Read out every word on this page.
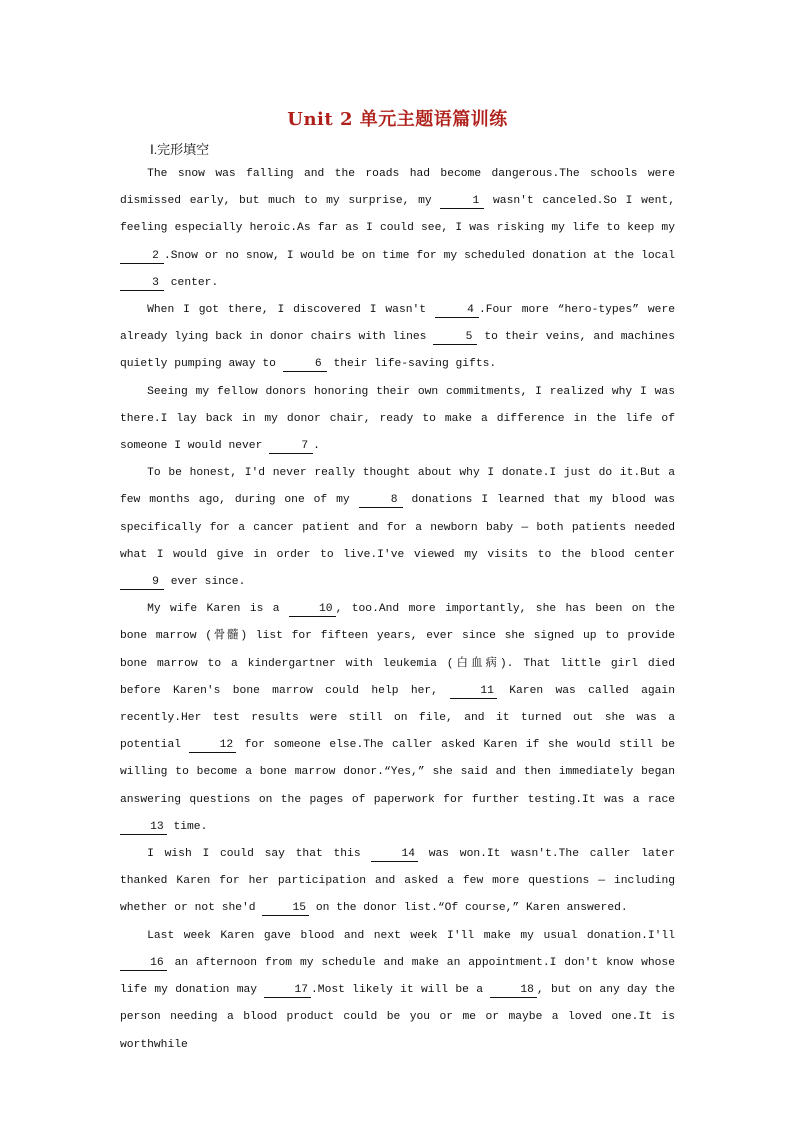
Unit 2 单元主题语篇训练
Ⅰ.完形填空

The snow was falling and the roads had become dangerous.The schools were dismissed early, but much to my surprise, my	1 wasn't canceled.So I went, feeling especially heroic.As far as I could see, I was risking my life to keep my 2 .Snow or no snow, I would be on time for my scheduled donation at the local 3 center.

When I got there, I discovered I wasn't	4 .Four more “hero-types” were already lying back in donor chairs with lines	5 to their veins, and machines quietly pumping away to	6 their life-saving gifts.

Seeing my fellow donors honoring their own commitments, I realized why I was there.I lay back in my donor chair, ready to make a difference in the life of someone I would never	7 .

To be honest, I'd never really thought about why I donate.I just do it.But a few months ago, during one of my	8 donations I learned that my blood was specifically for a cancer patient and for a newborn baby — both patients needed what I would give in order to live.I've viewed my visits to the blood center 9 ever since.

My wife Karen is a	10 , too.And more importantly, she has been on the bone marrow (骨髓) list for fifteen years, ever since she signed up to provide bone marrow to a kindergartner with leukemia (白血病). That little girl died before Karen's bone marrow could help her,	11 Karen was called again recently.Her test results were still on file, and it turned out she was a potential	12 for someone else.The caller asked Karen if she would still be willing to become a bone marrow donor.“Yes,” she said and then immediately began answering questions on the pages of paperwork for further testing.It was a race 13 time.

I wish I could say that this	14 was won.It wasn't.The caller later thanked Karen for her participation and asked a few more questions — including whether or not she'd	15 on the donor list.“Of course,” Karen answered.

Last week Karen gave blood and next week I'll make my usual donation.I'll 16 an afternoon from my schedule and make an appointment.I don't know whose life my donation may	17 .Most likely it will be a	18 , but on any day the person needing a blood product could be you or me or maybe a loved one.It is worthwhile
